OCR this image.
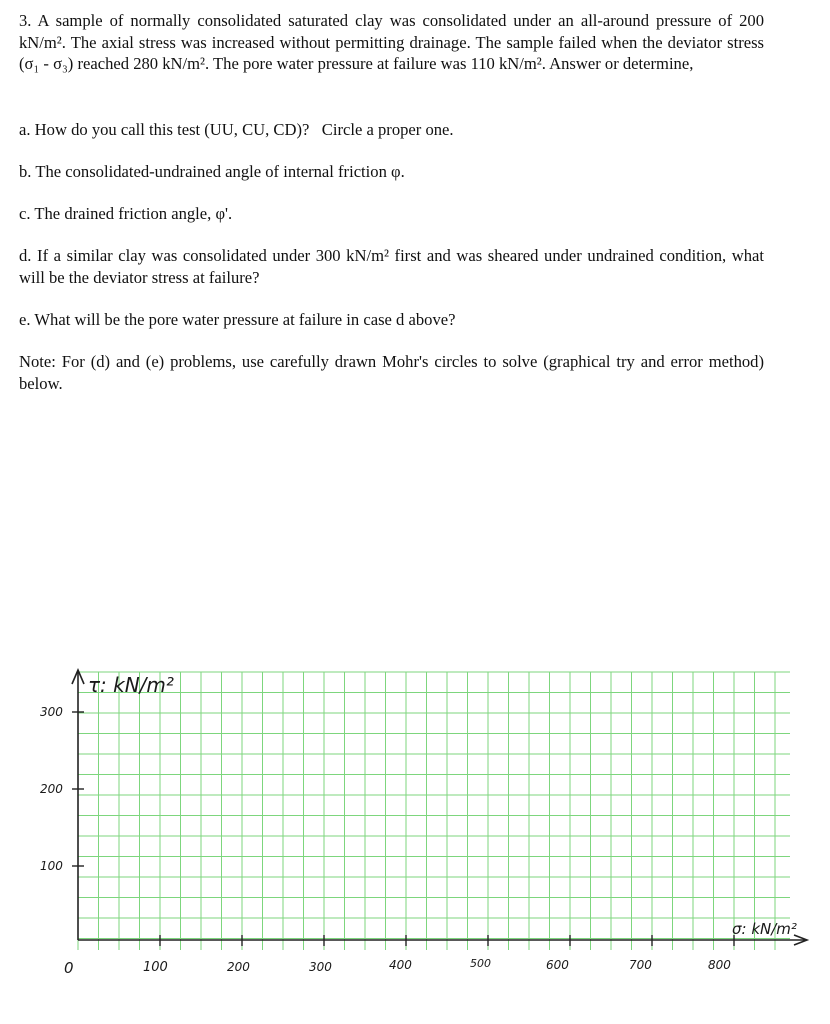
3. A sample of normally consolidated saturated clay was consolidated under an all-around pressure of 200 kN/m². The axial stress was increased without permitting drainage. The sample failed when the deviator stress (σ₁ - σ₃) reached 280 kN/m². The pore water pressure at failure was 110 kN/m². Answer or determine,

a. How do you call this test (UU, CU, CD)?   Circle a proper one.
b. The consolidated-undrained angle of internal friction φ.
c. The drained friction angle, φ'.
d. If a similar clay was consolidated under 300 kN/m² first and was sheared under undrained condition, what will be the deviator stress at failure?
e. What will be the pore water pressure at failure in case d above?
Note: For (d) and (e) problems, use carefully drawn Mohr's circles to solve (graphical try and error method) below.
τ: kN/m²
σ: kN/m²
300
200
100
0	100	200	300	400	500	600	700	800
